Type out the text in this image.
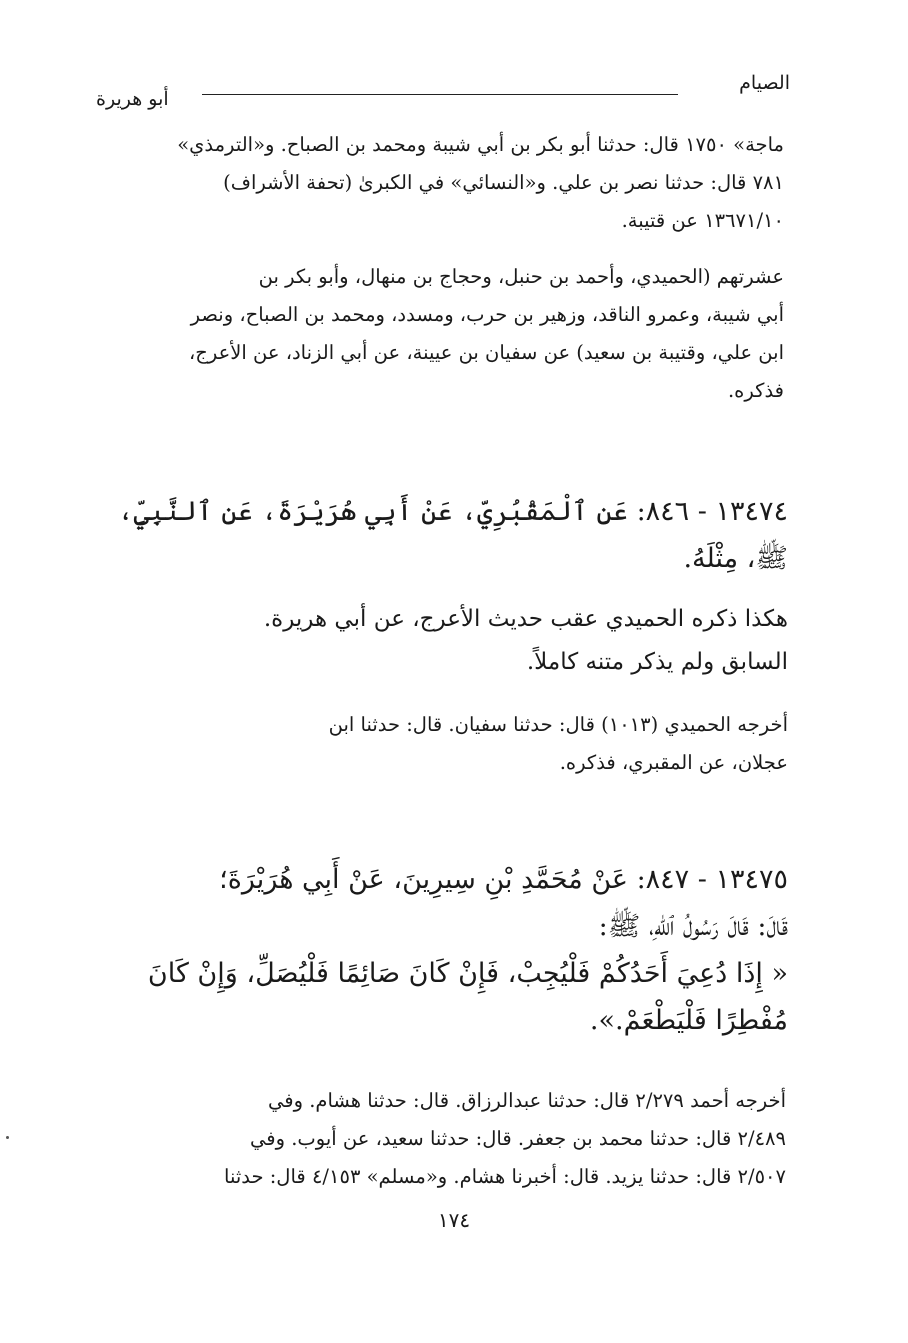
الصيام
أبو هريرة
ماجة» ١٧٥٠ قال: حدثنا أبو بكر بن أبي شيبة ومحمد بن الصباح. و«الترمذي»
٧٨١ قال: حدثنا نصر بن علي. و«النسائي» في الكبرىٰ (تحفة الأشراف)
١٣٦٧١/١٠ عن قتيبة.
عشرتهم (الحميدي، وأحمد بن حنبل، وحجاج بن منهال، وأبو بكر بن
أبي شيبة، وعمرو الناقد، وزهير بن حرب، ومسدد، ومحمد بن الصباح، ونصر
ابن علي، وقتيبة بن سعيد) عن سفيان بن عيينة، عن أبي الزناد، عن الأعرج،
فذكره.
١٣٤٧٤ - ٨٤٦: عَنِ ٱلْمَقْبُرِيِّ، عَنْ أَبِي هُرَيْرَةَ، عَنِ ٱلنَّبِيِّ،
ﷺ، مِثْلَهُ.
هكذا ذكره الحميدي عقب حديث الأعرج، عن أبي هريرة.
السابق ولم يذكر متنه كاملاً.
أخرجه الحميدي (١٠١٣) قال: حدثنا سفيان. قال: حدثنا ابن
عجلان، عن المقبري، فذكره.
١٣٤٧٥ - ٨٤٧: عَنْ مُحَمَّدِ بْنِ سِيرِينَ، عَنْ أَبِي هُرَيْرَةَ؛
قَالَ: قَالَ رَسُولُ ٱللهِ، ﷺ:
« إِذَا دُعِيَ أَحَدُكُمْ فَلْيُجِبْ، فَإِنْ كَانَ صَائِمًا فَلْيُصَلِّ، وَإِنْ كَانَ
مُفْطِرًا فَلْيَطْعَمْ.».
أخرجه أحمد ٢/٢٧٩ قال: حدثنا عبدالرزاق. قال: حدثنا هشام. وفي
٢/٤٨٩ قال: حدثنا محمد بن جعفر. قال: حدثنا سعيد، عن أيوب. وفي
٢/٥٠٧ قال: حدثنا يزيد. قال: أخبرنا هشام. و«مسلم» ٤/١٥٣ قال: حدثنا
١٧٤
